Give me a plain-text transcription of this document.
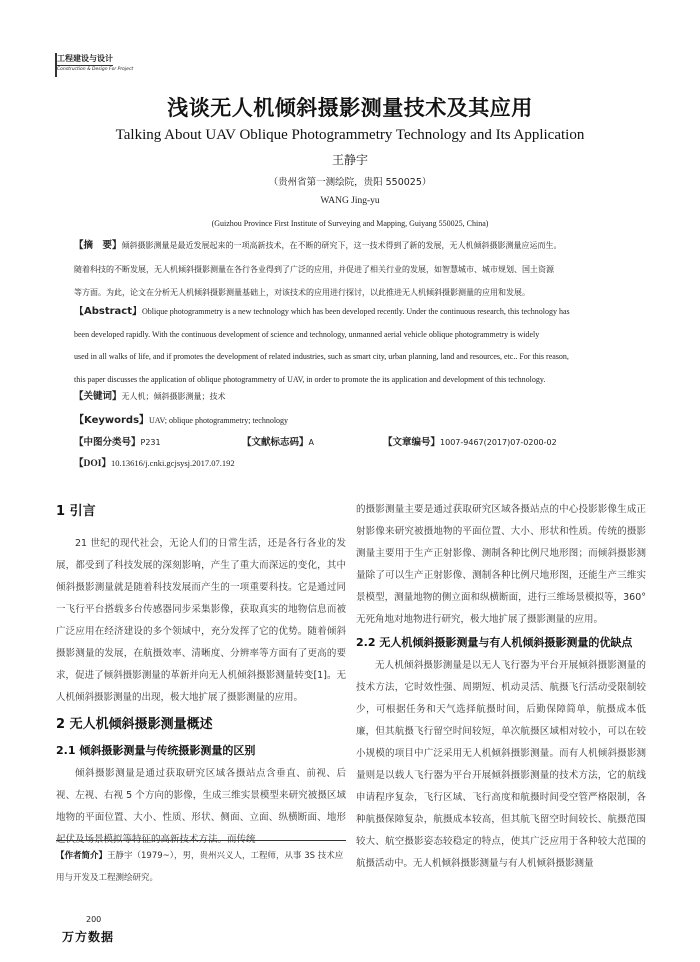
工程建设与设计
Construction & Design For Project
浅谈无人机倾斜摄影测量技术及其应用
Talking About UAV Oblique Photogrammetry Technology and Its Application
王静宇
（贵州省第一测绘院，贵阳 550025）
WANG Jing-yu
(Guizhou Province First Institute of Surveying and Mapping, Guiyang 550025, China)
【摘　要】倾斜摄影测量是最近发展起来的一项高新技术，在不断的研究下，这一技术得到了新的发展，无人机倾斜摄影测量应运而生。
随着科技的不断发展，无人机倾斜摄影测量在各行各业得到了广泛的应用，并促进了相关行业的发展，如智慧城市、城市规划、国土资源
等方面。为此，论文在分析无人机倾斜摄影测量基础上，对该技术的应用进行探讨，以此推进无人机倾斜摄影测量的应用和发展。
【Abstract】Oblique photogrammetry is a new technology which has been developed recently. Under the continuous research, this technology has
been developed rapidly. With the continuous development of science and technology, unmanned aerial vehicle oblique photogrammetry is widely
used in all walks of life, and if promotes the development of related industries, such as smart city, urban planning, land and resources, etc.. For this reason,
this paper discusses the application of oblique photogrammetry of UAV, in order to promote the its application and development of this technology.
【关键词】无人机；倾斜摄影测量；技术
【Keywords】UAV; oblique photogrammetry; technology
【中图分类号】P231	【文献标志码】A	【文章编号】1007-9467(2017)07-0200-02
【DOI】10.13616/j.cnki.gcjsysj.2017.07.192

1 引言

21 世纪的现代社会，无论人们的日常生活，还是各行各业的发展，都受到了科技发展的深刻影响，产生了重大而深远的变化，其中倾斜摄影测量就是随着科技发展而产生的一项重要科技。它是通过同一飞行平台搭载多台传感器同步采集影像，获取真实的地物信息而被广泛应用在经济建设的多个领域中，充分发挥了它的优势。随着倾斜摄影测量的发展，在航摄效率、清晰度、分辨率等方面有了更高的要求，促进了倾斜摄影测量的革新并向无人机倾斜摄影测量转变[1]。无人机倾斜摄影测量的出现，极大地扩展了摄影测量的应用。

2 无人机倾斜摄影测量概述

2.1 倾斜摄影测量与传统摄影测量的区别

倾斜摄影测量是通过获取研究区域各摄站点含垂直、前视、后视、左视、右视 5 个方向的影像，生成三维实景模型来研究被摄区域地物的平面位置、大小、性质、形状、侧面、立面、纵横断面、地形起伏及场景模拟等特征的高新技术方法。而传统

的摄影测量主要是通过获取研究区域各摄站点的中心投影影像生成正射影像来研究被摄地物的平面位置、大小、形状和性质。传统的摄影测量主要用于生产正射影像、测制各种比例尺地形图；而倾斜摄影测量除了可以生产正射影像、测制各种比例尺地形图，还能生产三维实景模型，测量地物的侧立面和纵横断面，进行三维场景模拟等，360°无死角地对地物进行研究，极大地扩展了摄影测量的应用。

2.2 无人机倾斜摄影测量与有人机倾斜摄影测量的优缺点

无人机倾斜摄影测量是以无人飞行器为平台开展倾斜摄影测量的技术方法，它时效性强、周期短、机动灵活、航摄飞行活动受限制较少，可根据任务和天气选择航摄时间，后勤保障简单，航摄成本低廉，但其航摄飞行留空时间较短，单次航摄区域相对较小，可以在较小规模的项目中广泛采用无人机倾斜摄影测量。而有人机倾斜摄影测量则是以载人飞行器为平台开展倾斜摄影测量的技术方法，它的航线申请程序复杂，飞行区域、飞行高度和航摄时间受空管严格限制，各种航摄保障复杂，航摄成本较高，但其航飞留空时间较长、航摄范围较大、航空摄影姿态较稳定的特点，使其广泛应用于各种较大范围的航摄活动中。无人机倾斜摄影测量与有人机倾斜摄影测量

【作者简介】王静宇（1979~），男，贵州兴义人，工程师，从事 3S 技术应用与开发及工程测绘研究。
200
万方数据
